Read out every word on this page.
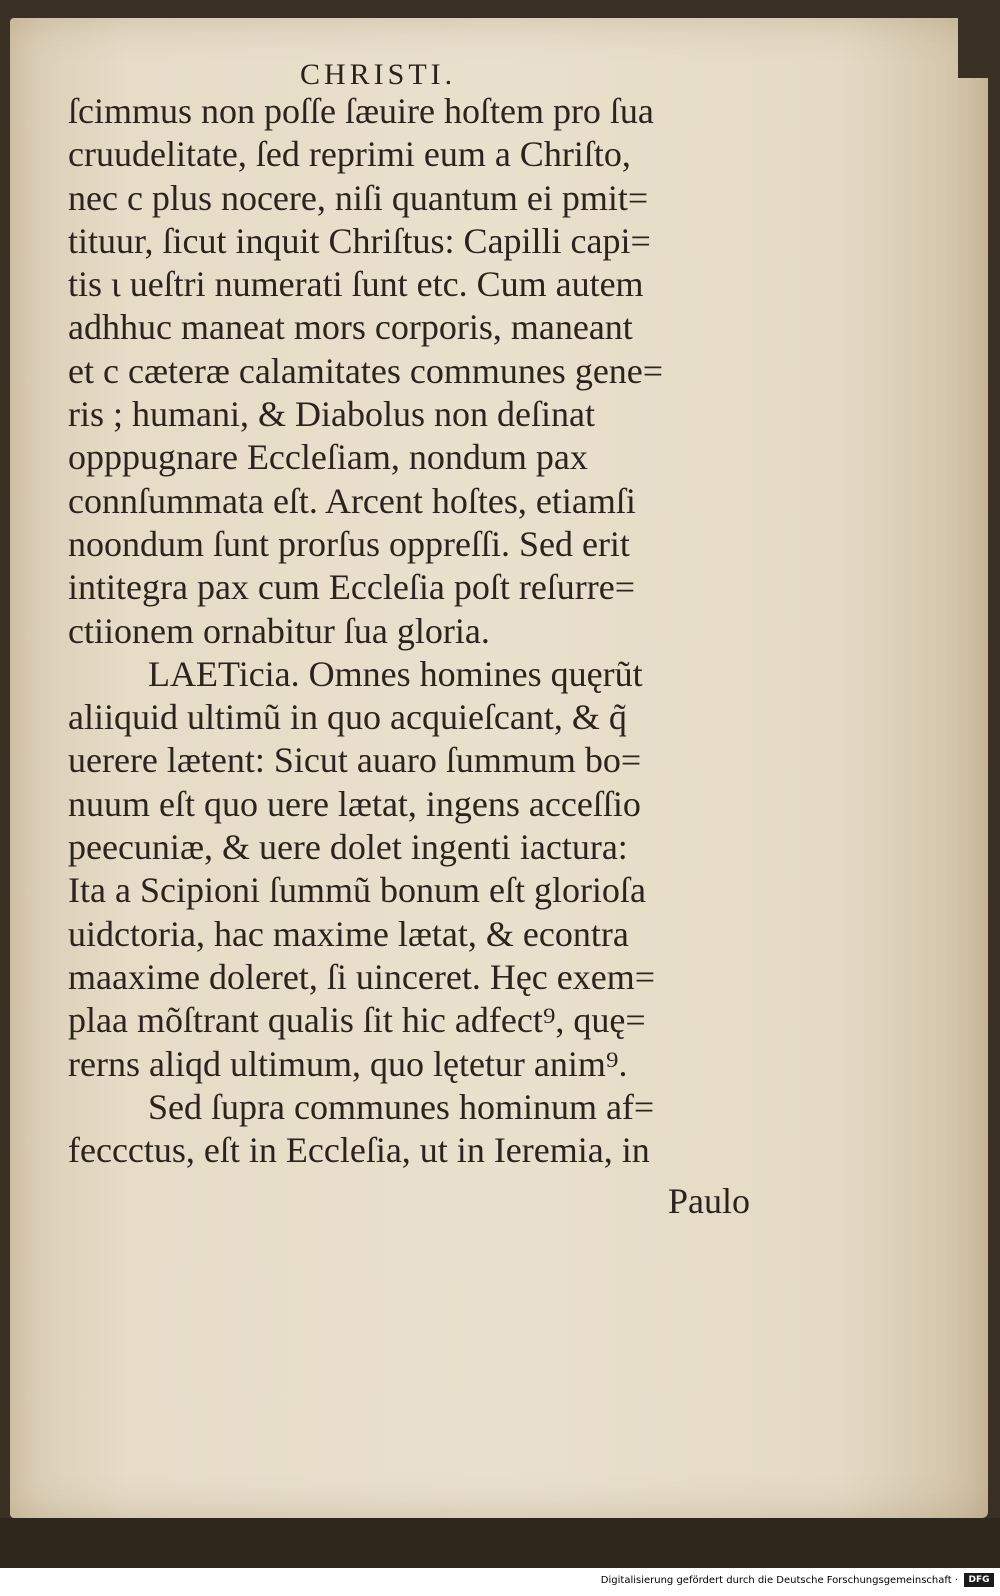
CHRISTI.
ſcimmus non poſſe ſæuire hoſtem pro ſua
cruudelitate, ſed reprimi eum a Chriſto,
nec c plus nocere, niſi quantum ei pmit=
tituur, ſicut inquit Chriſtus: Capilli capi=
tis ι ueſtri numerati ſunt etc. Cum autem
adhhuc maneat mors corporis, maneant
et c cæteræ calamitates communes gene=
ris ; humani, & Diabolus non deſinat
opppugnare Eccleſiam, nondum pax
connſummata eſt. Arcent hoſtes, etiamſi
noondum ſunt prorſus oppreſſi. Sed erit
intitegra pax cum Eccleſia poſt reſurre=
ctiionem ornabitur ſua gloria.
LAETicia. Omnes homines quęrũt
aliiquid ultimũ in quo acquieſcant, & q̃
uerere lætent: Sicut auaro ſummum bo=
nuum eſt quo uere lætat, ingens acceſſio
peecuniæ, & uere dolet ingenti iactura:
Ita a Scipioni ſummũ bonum eſt glorioſa
uidctoria, hac maxime lætat, & econtra
maaxime doleret, ſi uinceret. Hęc exem=
plaa mõſtrant qualis ſit hic adfect⁹, quę=
rerns aliqd ultimum, quo lętetur anim⁹.
Sed ſupra communes hominum af=
feccctus, eſt in Eccleſia, ut in Ieremia, in
Paulo
Digitalisierung gefördert durch die Deutsche Forschungsgemeinschaft ·	DFG
